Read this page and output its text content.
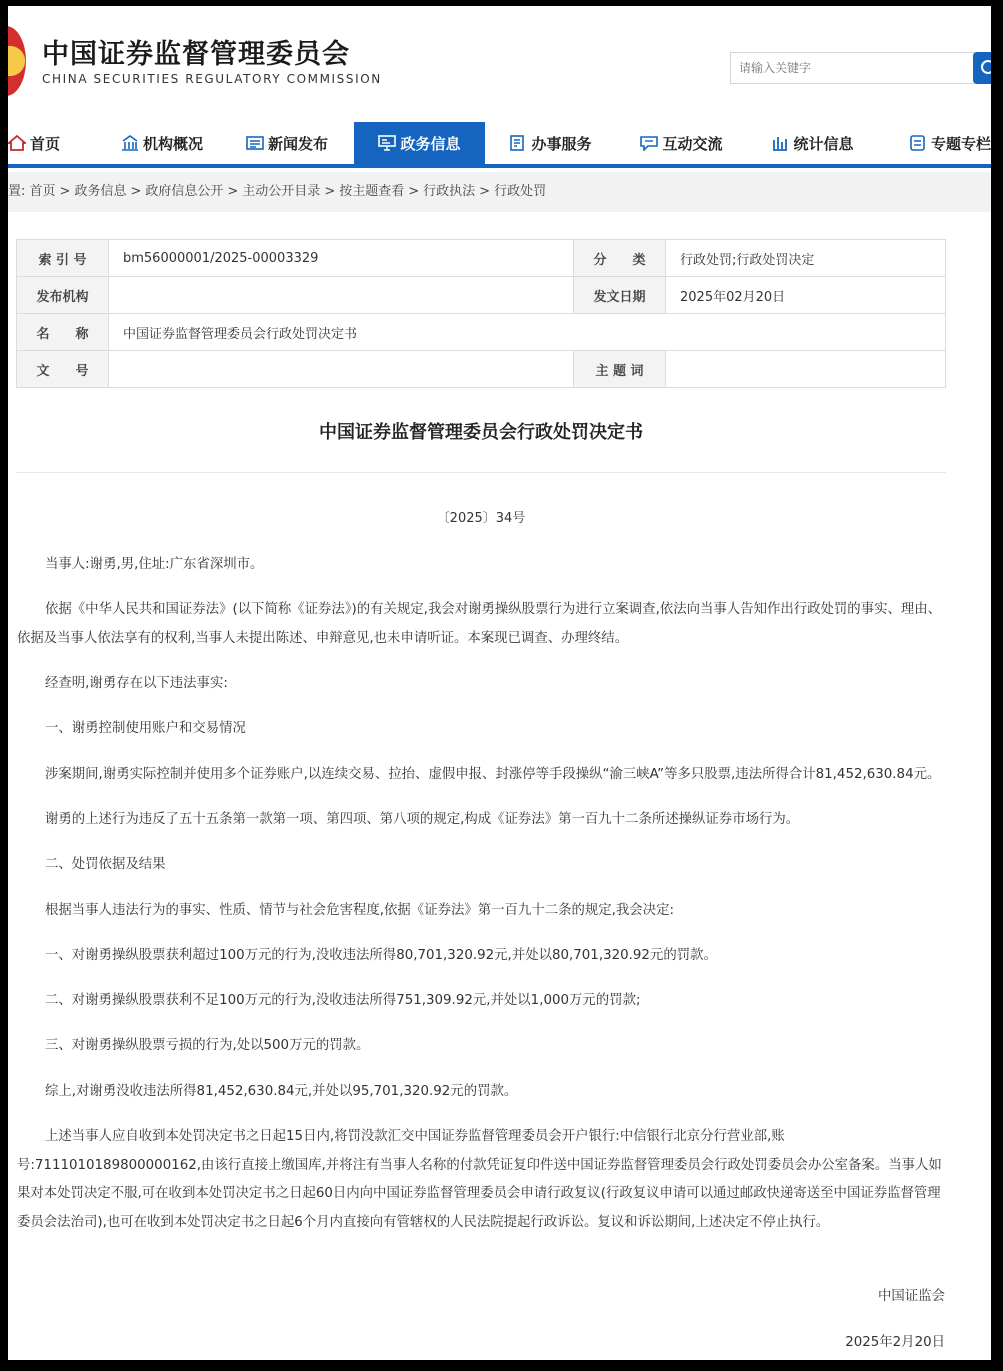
中国证券监督管理委员会
CHINA SECURITIES REGULATORY COMMISSION
请输入关键字
首页	机构概况	新闻发布	政务信息	办事服务	互动交流	统计信息	专题专栏
置: 首页 > 政务信息 > 政府信息公开 > 主动公开目录 > 按主题查看 > 行政执法 > 行政处罚
索 引 号	bm56000001/2025-00003329	分　　类	行政处罚;行政处罚决定
发布机构		发文日期	2025年02月20日
名　　称	中国证券监督管理委员会行政处罚决定书		
文　　号		主 题 词	
中国证券监督管理委员会行政处罚决定书
〔2025〕34号

当事人:谢勇,男,住址:广东省深圳市。

依据《中华人民共和国证券法》(以下简称《证券法》)的有关规定,我会对谢勇操纵股票行为进行立案调查,依法向当事人告知作出行政处罚的事实、理由、依据及当事人依法享有的权利,当事人未提出陈述、申辩意见,也未申请听证。本案现已调查、办理终结。

经查明,谢勇存在以下违法事实:

一、谢勇控制使用账户和交易情况

涉案期间,谢勇实际控制并使用多个证券账户,以连续交易、拉抬、虚假申报、封涨停等手段操纵“渝三峡A”等多只股票,违法所得合计81,452,630.84元。

谢勇的上述行为违反了五十五条第一款第一项、第四项、第八项的规定,构成《证券法》第一百九十二条所述操纵证券市场行为。

二、处罚依据及结果

根据当事人违法行为的事实、性质、情节与社会危害程度,依据《证券法》第一百九十二条的规定,我会决定:

一、对谢勇操纵股票获利超过100万元的行为,没收违法所得80,701,320.92元,并处以80,701,320.92元的罚款。

二、对谢勇操纵股票获利不足100万元的行为,没收违法所得751,309.92元,并处以1,000万元的罚款;

三、对谢勇操纵股票亏损的行为,处以500万元的罚款。

综上,对谢勇没收违法所得81,452,630.84元,并处以95,701,320.92元的罚款。

上述当事人应自收到本处罚决定书之日起15日内,将罚没款汇交中国证券监督管理委员会开户银行:中信银行北京分行营业部,账号:7111010189800000162,由该行直接上缴国库,并将注有当事人名称的付款凭证复印件送中国证券监督管理委员会行政处罚委员会办公室备案。当事人如果对本处罚决定不服,可在收到本处罚决定书之日起60日内向中国证券监督管理委员会申请行政复议(行政复议申请可以通过邮政快递寄送至中国证券监督管理委员会法治司),也可在收到本处罚决定书之日起6个月内直接向有管辖权的人民法院提起行政诉讼。复议和诉讼期间,上述决定不停止执行。

中国证监会
2025年2月20日
